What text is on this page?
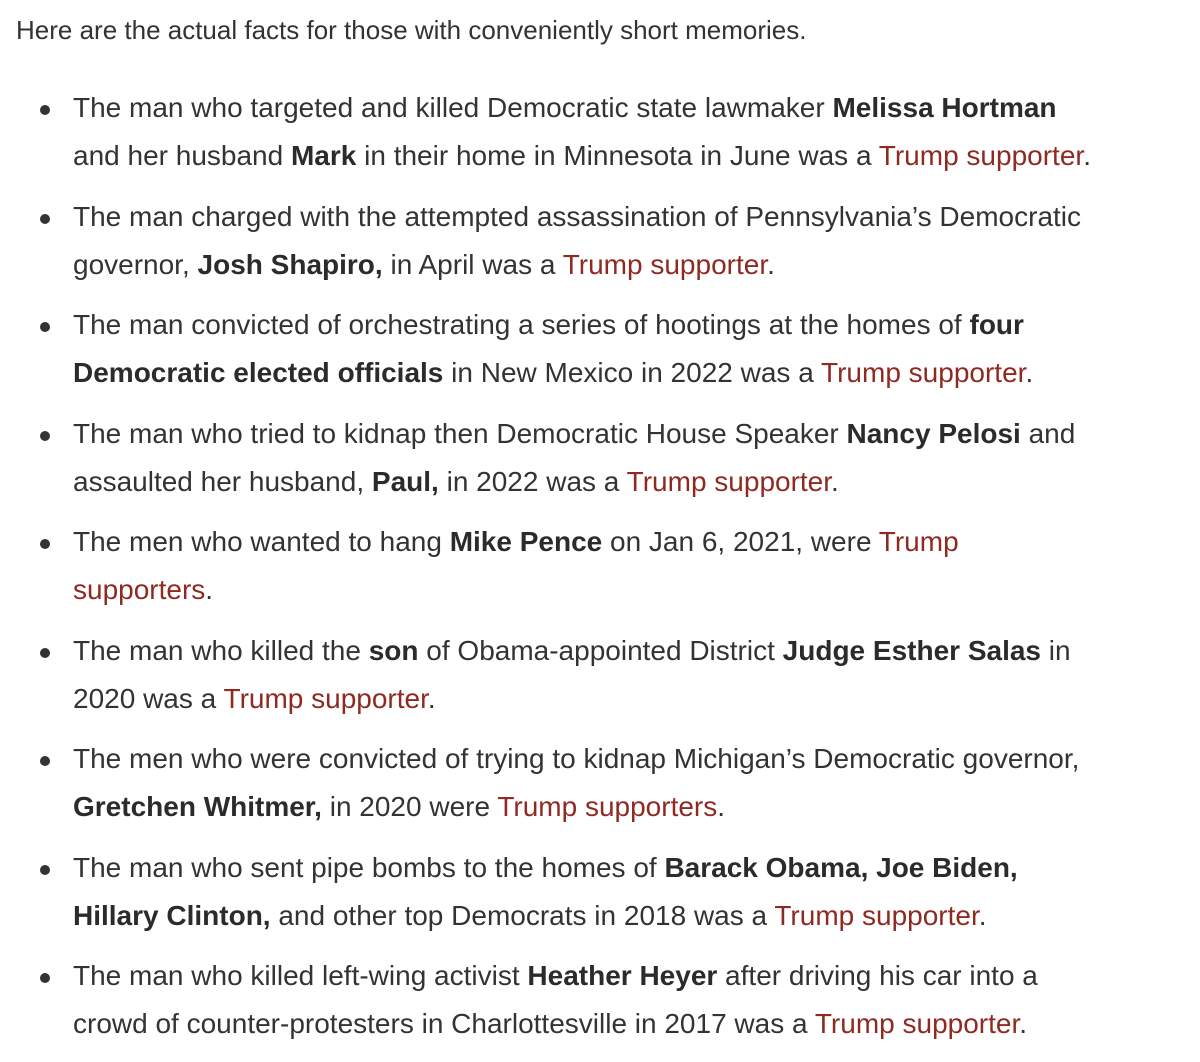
Here are the actual facts for those with conveniently short memories.

The man who targeted and killed Democratic state lawmaker Melissa Hortman
and her husband Mark in their home in Minnesota in June was a Trump supporter.
The man charged with the attempted assassination of Pennsylvania’s Democratic
governor, Josh Shapiro, in April was a Trump supporter.
The man convicted of orchestrating a series of hootings at the homes of four
Democratic elected officials in New Mexico in 2022 was a Trump supporter.
The man who tried to kidnap then Democratic House Speaker Nancy Pelosi and
assaulted her husband, Paul, in 2022 was a Trump supporter.
The men who wanted to hang Mike Pence on Jan 6, 2021, were Trump
supporters.
The man who killed the son of Obama-appointed District Judge Esther Salas in
2020 was a Trump supporter.
The men who were convicted of trying to kidnap Michigan’s Democratic governor,
Gretchen Whitmer, in 2020 were Trump supporters.
The man who sent pipe bombs to the homes of Barack Obama, Joe Biden,
Hillary Clinton, and other top Democrats in 2018 was a Trump supporter.
The man who killed left-wing activist Heather Heyer after driving his car into a
crowd of counter-protesters in Charlottesville in 2017 was a Trump supporter.
